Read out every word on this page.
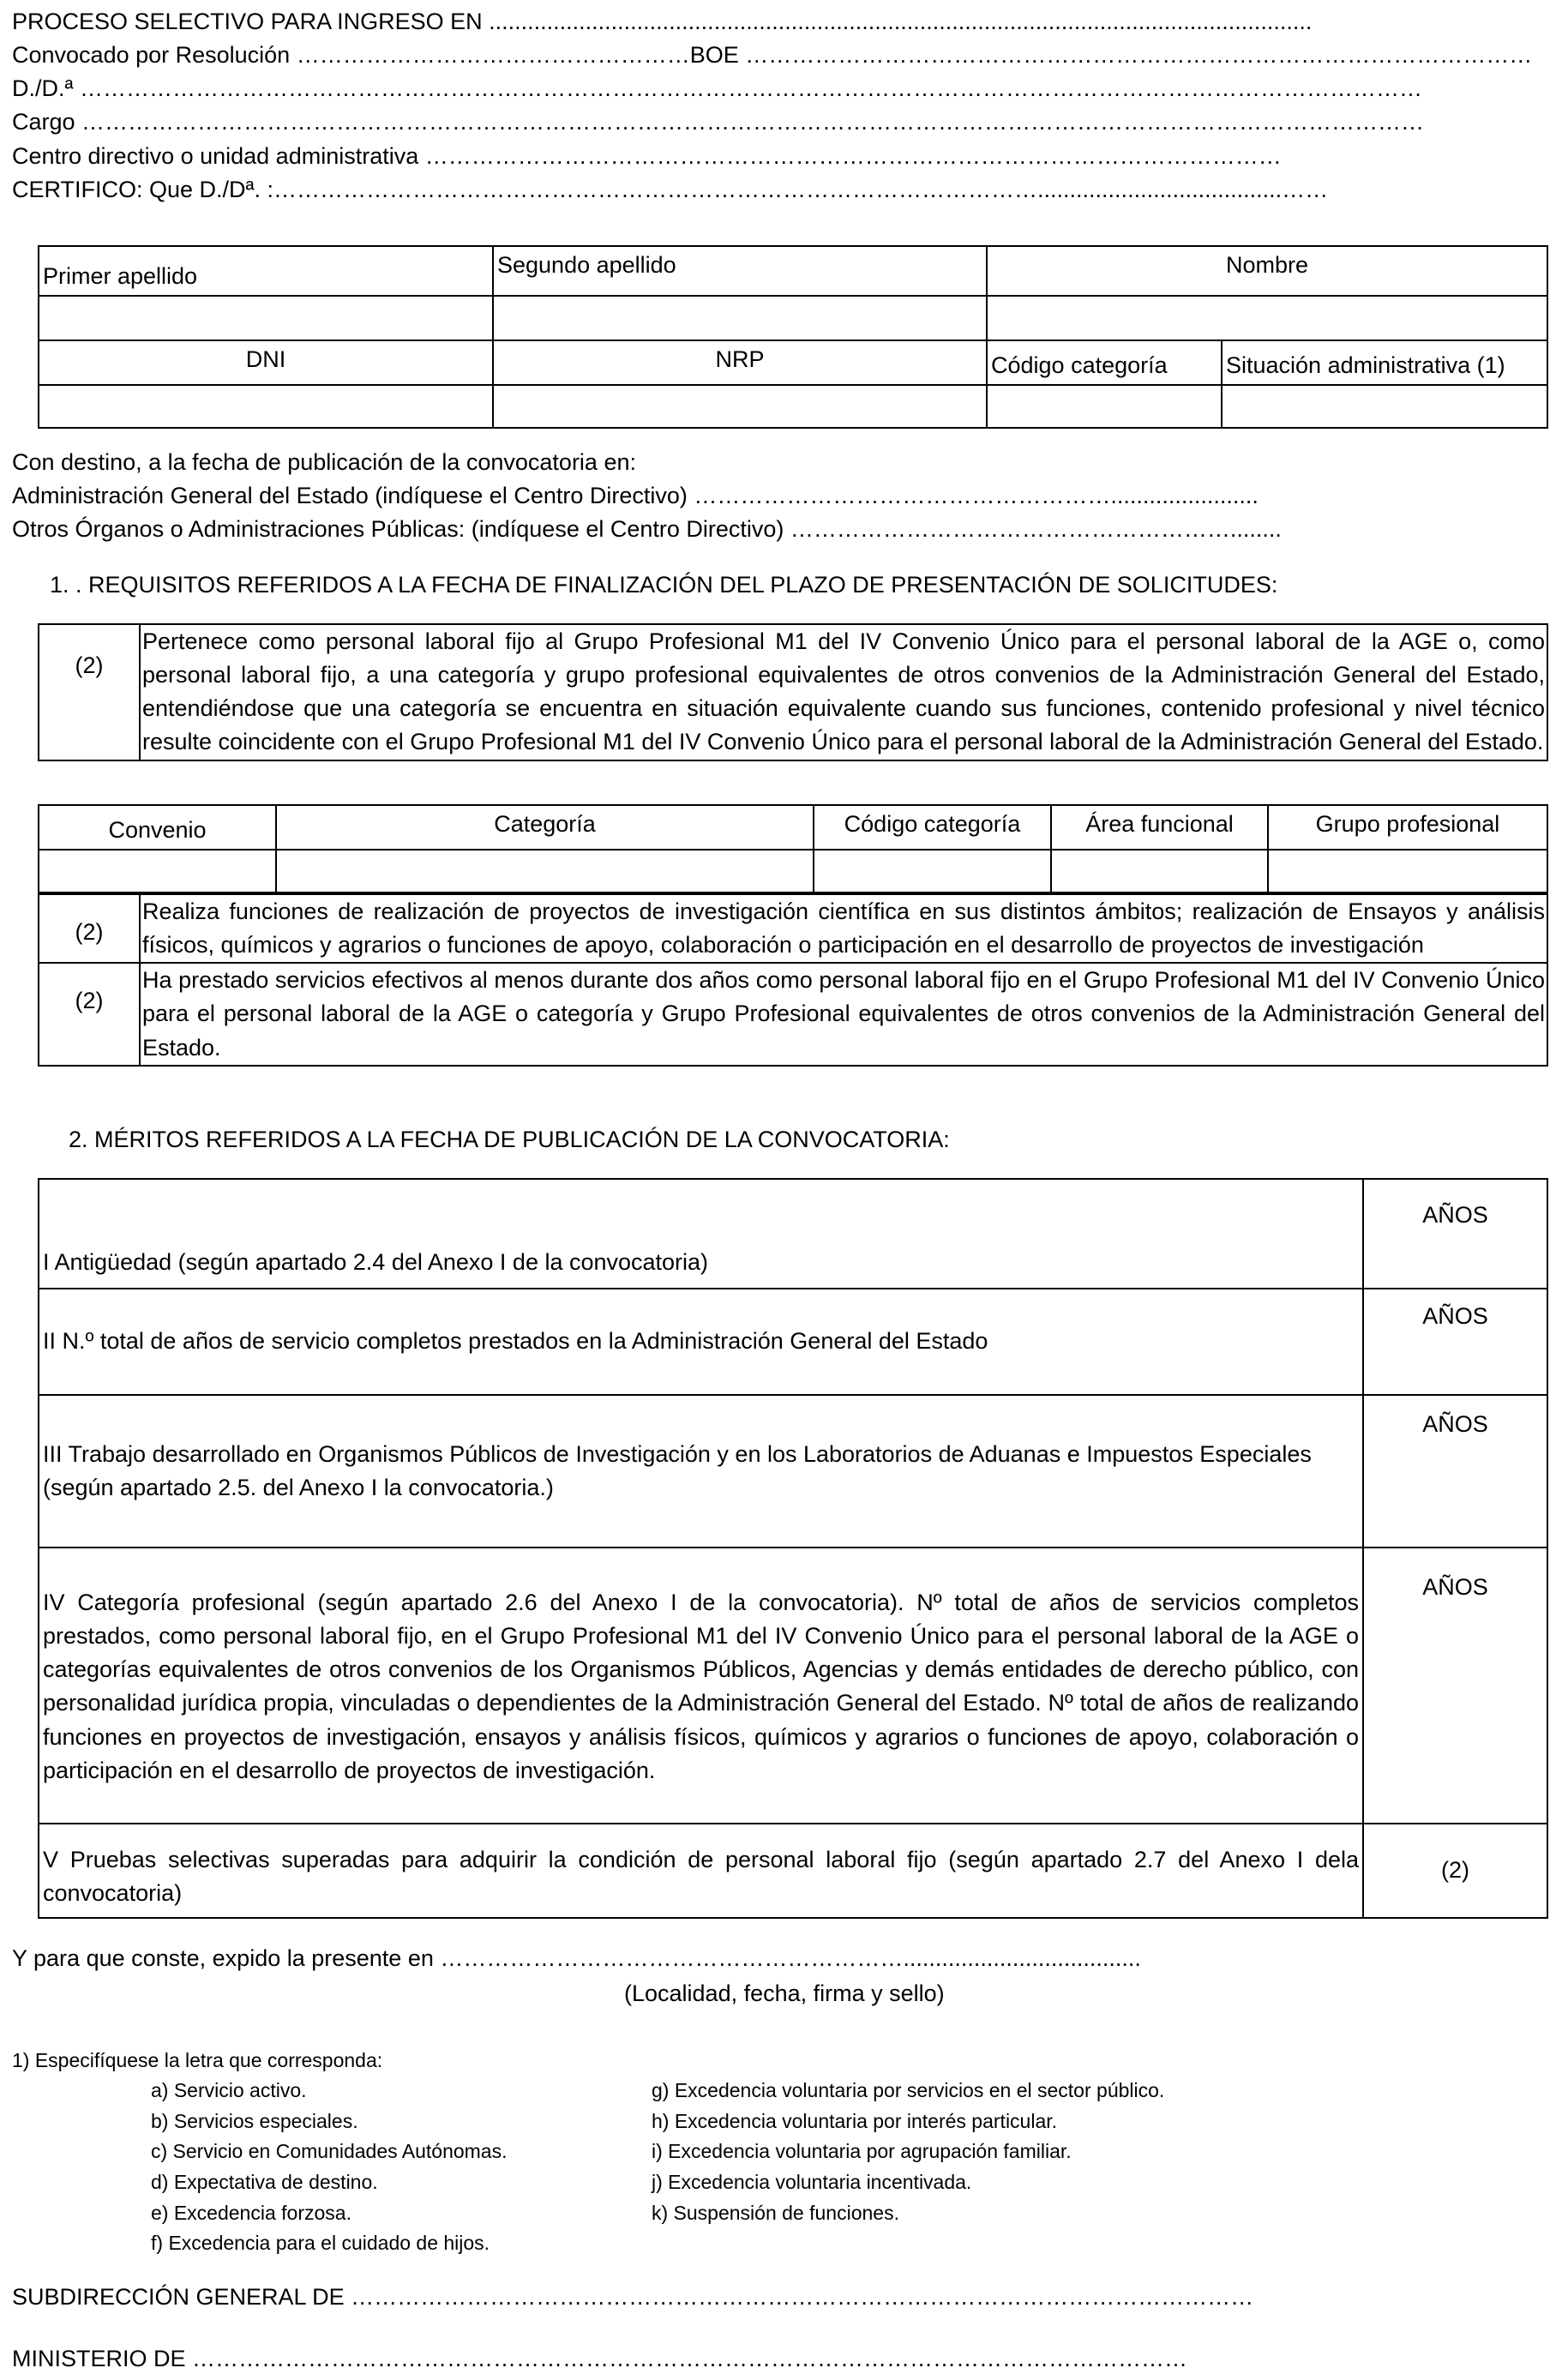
PROCESO SELECTIVO PARA INGRESO EN ................................................................................................................................
Convocado por Resolución ……………………………………………BOE …………………………………………………………………………………………
D./D.ª …………………………………………………………………………………………………………………………………………………………
Cargo …………………………………………………………………………………………………………………………………………………………
Centro directivo o unidad administrativa …………………………………………………………………………………………………
CERTIFICO: Que D./Dª. :………………………………………………………………………………………......................................……
Primer apellido	Segundo apellido	Nombre	

DNI	NRP	Código categoría	Situación administrativa (1)

Con destino, a la fecha de publicación de la convocatoria en:
Administración General del Estado (indíquese el Centro Directivo) ……………………………………………….......................
Otros Órganos o Administraciones Públicas: (indíquese el Centro Directivo) …………………………………………………........
1. . REQUISITOS REFERIDOS A LA FECHA DE FINALIZACIÓN DEL PLAZO DE PRESENTACIÓN DE SOLICITUDES:
(2)	Pertenece como personal laboral fijo al Grupo Profesional M1 del IV Convenio Único para el personal laboral de la AGE o, como personal laboral fijo, a una categoría y grupo profesional equivalentes de otros convenios de la Administración General del Estado, entendiéndose que una categoría se encuentra en situación equivalente cuando sus funciones, contenido profesional y nivel técnico resulte coincidente con el Grupo Profesional M1 del IV Convenio Único para el personal laboral de la Administración General del Estado.
Convenio	Categoría	Código categoría	Área funcional	Grupo profesional

(2)	Realiza funciones de realización de proyectos de investigación científica en sus distintos ámbitos; realización de Ensayos y análisis físicos, químicos y agrarios o funciones de apoyo, colaboración o participación en el desarrollo de proyectos de investigación
(2)	Ha prestado servicios efectivos al menos durante dos años como personal laboral fijo en el Grupo Profesional M1 del IV Convenio Único para el personal laboral de la AGE o categoría y Grupo Profesional equivalentes de otros convenios de la Administración General del Estado.
2. MÉRITOS REFERIDOS A LA FECHA DE PUBLICACIÓN DE LA CONVOCATORIA:
I Antigüedad (según apartado 2.4 del Anexo I de la convocatoria)	AÑOS
II N.º total de años de servicio completos prestados en la Administración General del Estado	AÑOS
III Trabajo desarrollado en Organismos Públicos de Investigación y en los Laboratorios de Aduanas e Impuestos Especiales (según apartado 2.5. del Anexo I la convocatoria.)	AÑOS
IV Categoría profesional (según apartado 2.6 del Anexo I de la convocatoria). Nº total de años de servicios completos prestados, como personal laboral fijo, en el Grupo Profesional M1 del IV Convenio Único para el personal laboral de la AGE o categorías equivalentes de otros convenios de los Organismos Públicos, Agencias y demás entidades de derecho público, con personalidad jurídica propia, vinculadas o dependientes de la Administración General del Estado. Nº total de años de realizando funciones en proyectos de investigación, ensayos y análisis físicos, químicos y agrarios o funciones de apoyo, colaboración o participación en el desarrollo de proyectos de investigación.	AÑOS
V Pruebas selectivas superadas para adquirir la condición de personal laboral fijo (según apartado 2.7 del Anexo I dela convocatoria)	(2)
Y para que conste, expido la presente en …………………………………………………….....................................
(Localidad, fecha, firma y sello)
1) Especifíquese la letra que corresponda:
a) Servicio activo.
b) Servicios especiales.
c) Servicio en Comunidades Autónomas.
d) Expectativa de destino.
e) Excedencia forzosa.
f) Excedencia para el cuidado de hijos.
g) Excedencia voluntaria por servicios en el sector público.
h) Excedencia voluntaria por interés particular.
i) Excedencia voluntaria por agrupación familiar.
j) Excedencia voluntaria incentivada.
k) Suspensión de funciones.
SUBDIRECCIÓN GENERAL DE ………………………………………………………………………………………………………
MINISTERIO DE …………………………………………………………………………………………………………………
